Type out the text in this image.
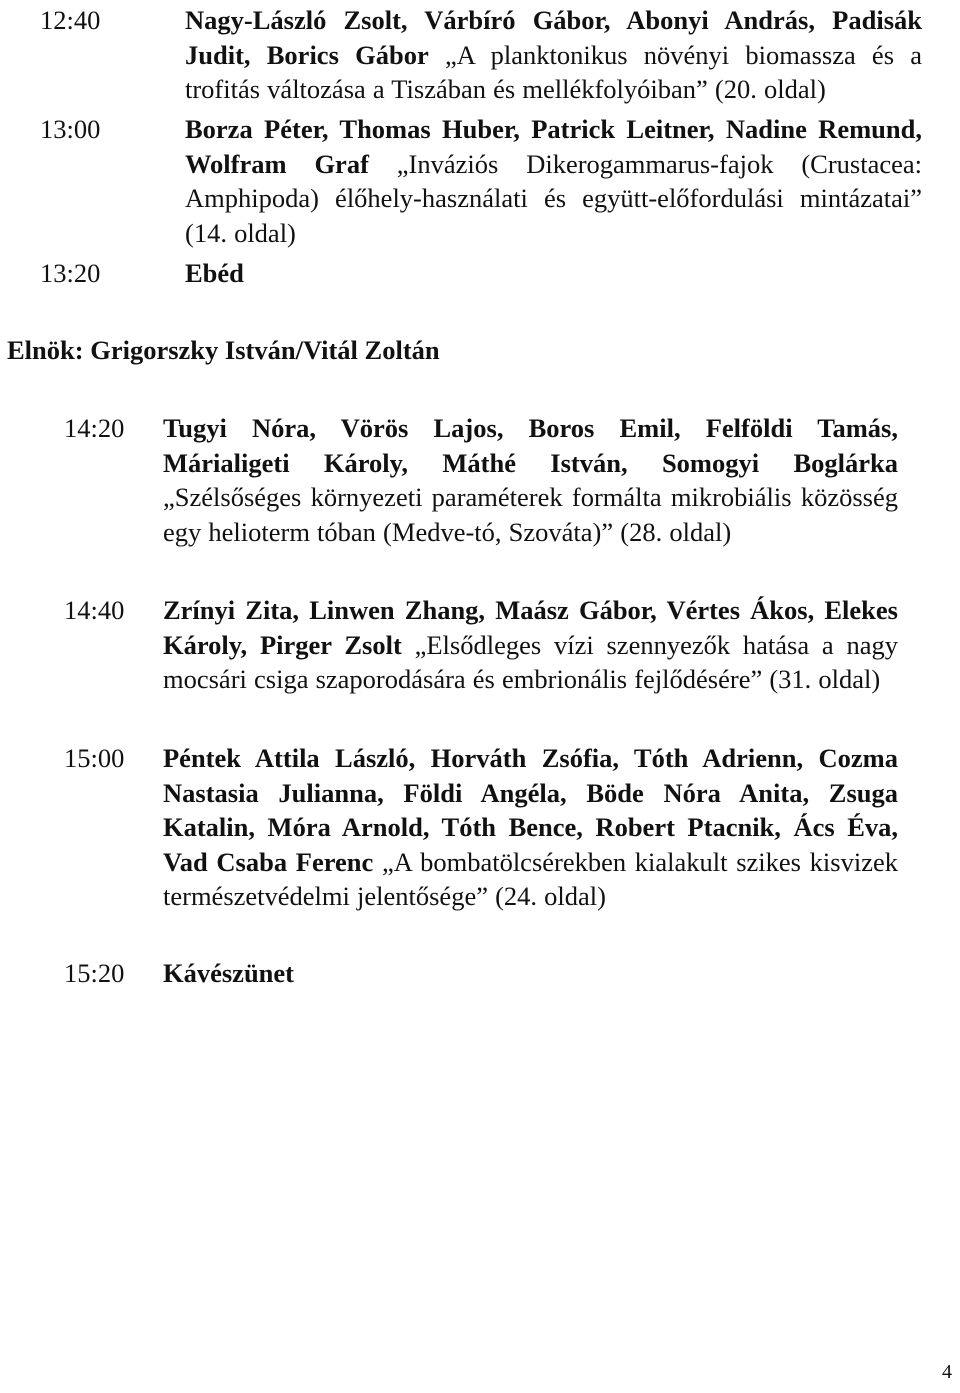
12:40	Nagy-László Zsolt, Várbíró Gábor, Abonyi András, Padisák Judit, Borics Gábor „A planktonikus növényi biomassza és a trofitás változása a Tiszában és mellékfolyóiban” (20. oldal)
13:00	Borza Péter, Thomas Huber, Patrick Leitner, Nadine Remund, Wolfram Graf „Inváziós Dikerogammarus-fajok (Crustacea: Amphipoda) élőhely-használati és együtt-előfordulási mintázatai” (14. oldal)
13:20	Ebéd
Elnök: Grigorszky István/Vitál Zoltán
14:20	Tugyi Nóra, Vörös Lajos, Boros Emil, Felföldi Tamás, Márialigeti Károly, Máthé István, Somogyi Boglárka „Szélsőséges környezeti paraméterek formálta mikrobiális közösség egy helioterm tóban (Medve-tó, Szováta)” (28. oldal)
14:40	Zrínyi Zita, Linwen Zhang, Maász Gábor, Vértes Ákos, Elekes Károly, Pirger Zsolt „Elsődleges vízi szennyezők hatása a nagy mocsári csiga szaporodására és embrionális fejlődésére” (31. oldal)
15:00	Péntek Attila László, Horváth Zsófia, Tóth Adrienn, Cozma Nastasia Julianna, Földi Angéla, Böde Nóra Anita, Zsuga Katalin, Móra Arnold, Tóth Bence, Robert Ptacnik, Ács Éva, Vad Csaba Ferenc „A bombatölcsérekben kialakult szikes kisvizek természetvédelmi jelentősége” (24. oldal)
15:20	Kávészünet
4
